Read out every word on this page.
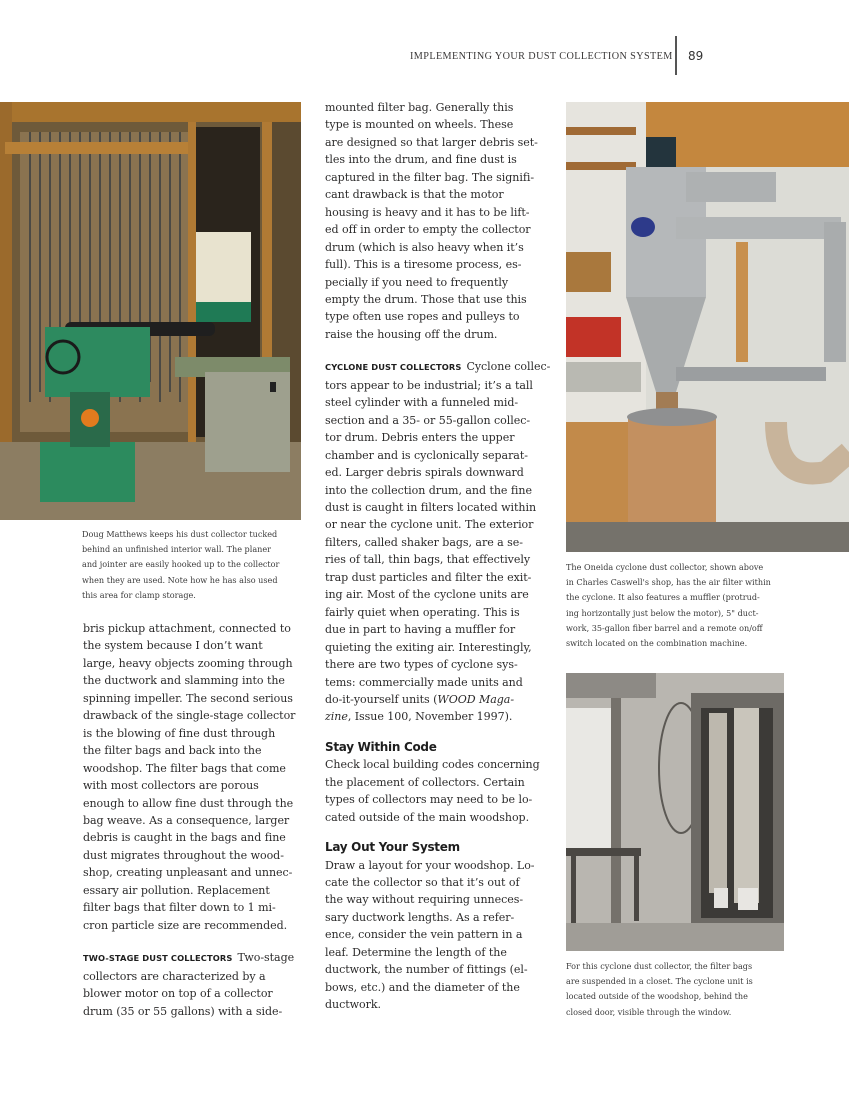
IMPLEMENTING YOUR DUST COLLECTION SYSTEM 89
Doug Matthews keeps his dust collector tucked
behind an unfinished interior wall. The planer
and jointer are easily hooked up to the collector
when they are used. Note how he has also used
this area for clamp storage.
bris pickup attachment, connected to
the system because I don’t want
large, heavy objects zooming through
the ductwork and slamming into the
spinning impeller. The second serious
drawback of the single-stage collector
is the blowing of fine dust through
the filter bags and back into the
woodshop. The filter bags that come
with most collectors are porous
enough to allow fine dust through the
bag weave. As a consequence, larger
debris is caught in the bags and fine
dust migrates throughout the wood-
shop, creating unpleasant and unnec-
essary air pollution. Replacement
filter bags that filter down to 1 mi-
cron particle size are recommended.
TWO-STAGE DUST COLLECTORS Two-stage
collectors are characterized by a
blower motor on top of a collector
drum (35 or 55 gallons) with a side-
mounted filter bag. Generally this
type is mounted on wheels. These
are designed so that larger debris set-
tles into the drum, and fine dust is
captured in the filter bag. The signifi-
cant drawback is that the motor
housing is heavy and it has to be lift-
ed off in order to empty the collector
drum (which is also heavy when it’s
full). This is a tiresome process, es-
pecially if you need to frequently
empty the drum. Those that use this
type often use ropes and pulleys to
raise the housing off the drum.
CYCLONE DUST COLLECTORS Cyclone collec-
tors appear to be industrial; it’s a tall
steel cylinder with a funneled mid-
section and a 35- or 55-gallon collec-
tor drum. Debris enters the upper
chamber and is cyclonically separat-
ed. Larger debris spirals downward
into the collection drum, and the fine
dust is caught in filters located within
or near the cyclone unit. The exterior
filters, called shaker bags, are a se-
ries of tall, thin bags, that effectively
trap dust particles and filter the exit-
ing air. Most of the cyclone units are
fairly quiet when operating. This is
due in part to having a muffler for
quieting the exiting air. Interestingly,
there are two types of cyclone sys-
tems: commercially made units and
do-it-yourself units (WOOD Maga-
zine, Issue 100, November 1997).
Stay Within Code
Check local building codes concerning
the placement of collectors. Certain
types of collectors may need to be lo-
cated outside of the main woodshop.
Lay Out Your System
Draw a layout for your woodshop. Lo-
cate the collector so that it’s out of
the way without requiring unneces-
sary ductwork lengths. As a refer-
ence, consider the vein pattern in a
leaf. Determine the length of the
ductwork, the number of fittings (el-
bows, etc.) and the diameter of the
ductwork.
The Oneida cyclone dust collector, shown above
in Charles Caswell's shop, has the air filter within
the cyclone. It also features a muffler (protrud-
ing horizontally just below the motor), 5" duct-
work, 35-gallon fiber barrel and a remote on/off
switch located on the combination machine.
For this cyclone dust collector, the filter bags
are suspended in a closet. The cyclone unit is
located outside of the woodshop, behind the
closed door, visible through the window.
